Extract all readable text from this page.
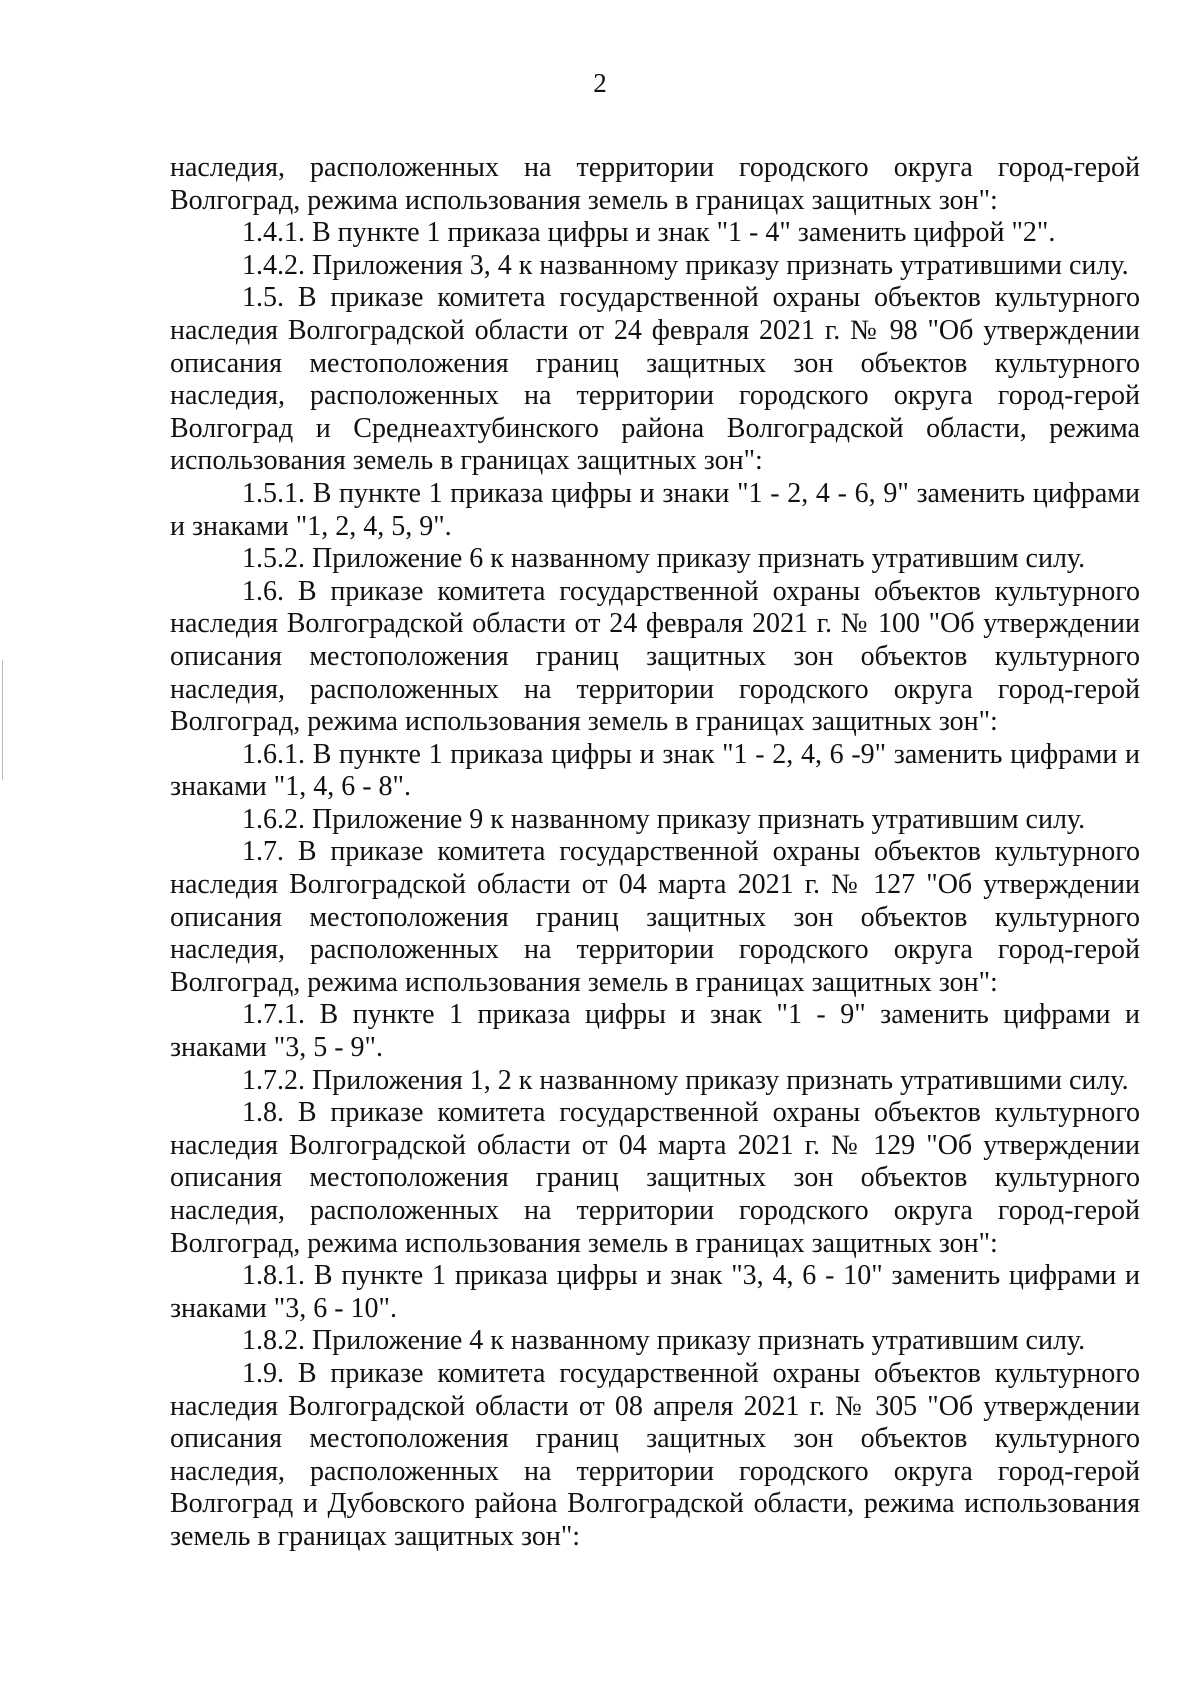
2

наследия, расположенных на территории городского округа город-герой Волгоград, режима использования земель в границах защитных зон":

1.4.1. В пункте 1 приказа цифры и знак "1 - 4" заменить цифрой "2".

1.4.2. Приложения 3, 4 к названному приказу признать утратившими силу.

1.5. В приказе комитета государственной охраны объектов культурного наследия Волгоградской области от 24 февраля 2021 г. № 98 "Об утверждении описания местоположения границ защитных зон объектов культурного наследия, расположенных на территории городского округа город-герой Волгоград и Среднеахтубинского района Волгоградской области, режима использования земель в границах защитных зон":

1.5.1. В пункте 1 приказа цифры и знаки "1 - 2, 4 - 6, 9" заменить цифрами и знаками "1, 2, 4, 5, 9".

1.5.2. Приложение 6 к названному приказу признать утратившим силу.

1.6. В приказе комитета государственной охраны объектов культурного наследия Волгоградской области от 24 февраля 2021 г. № 100 "Об утверждении описания местоположения границ защитных зон объектов культурного наследия, расположенных на территории городского округа город-герой Волгоград, режима использования земель в границах защитных зон":

1.6.1. В пункте 1 приказа цифры и знак "1 - 2, 4, 6 -9" заменить цифрами и знаками "1, 4, 6 - 8".

1.6.2. Приложение 9 к названному приказу признать утратившим силу.

1.7. В приказе комитета государственной охраны объектов культурного наследия Волгоградской области от 04 марта 2021 г. № 127 "Об утверждении описания местоположения границ защитных зон объектов культурного наследия, расположенных на территории городского округа город-герой Волгоград, режима использования земель в границах защитных зон":

1.7.1. В пункте 1 приказа цифры и знак "1 - 9" заменить цифрами и знаками "3, 5 - 9".

1.7.2. Приложения 1, 2 к названному приказу признать утратившими силу.

1.8. В приказе комитета государственной охраны объектов культурного наследия Волгоградской области от 04 марта 2021 г. № 129 "Об утверждении описания местоположения границ защитных зон объектов культурного наследия, расположенных на территории городского округа город-герой Волгоград, режима использования земель в границах защитных зон":

1.8.1. В пункте 1 приказа цифры и знак "3, 4, 6 - 10" заменить цифрами и знаками "3, 6 - 10".

1.8.2. Приложение 4 к названному приказу признать утратившим силу.

1.9. В приказе комитета государственной охраны объектов культурного наследия Волгоградской области от 08 апреля 2021 г. № 305 "Об утверждении описания местоположения границ защитных зон объектов культурного наследия, расположенных на территории городского округа город-герой Волгоград и Дубовского района Волгоградской области, режима использования земель в границах защитных зон":
